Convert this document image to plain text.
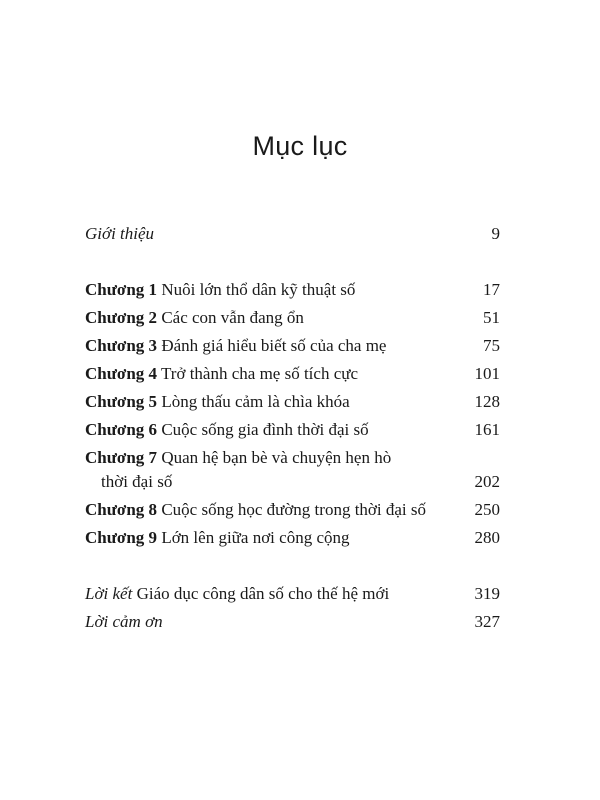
Mục lục
Giới thiệu	9
Chương 1 Nuôi lớn thổ dân kỹ thuật số	17
Chương 2 Các con vẫn đang ổn	51
Chương 3 Đánh giá hiểu biết số của cha mẹ	75
Chương 4 Trở thành cha mẹ số tích cực	101
Chương 5 Lòng thấu cảm là chìa khóa	128
Chương 6 Cuộc sống gia đình thời đại số	161
Chương 7 Quan hệ bạn bè và chuyện hẹn hò
thời đại số	202
Chương 8 Cuộc sống học đường trong thời đại số	250
Chương 9 Lớn lên giữa nơi công cộng	280
Lời kết Giáo dục công dân số cho thế hệ mới	319
Lời cảm ơn	327
